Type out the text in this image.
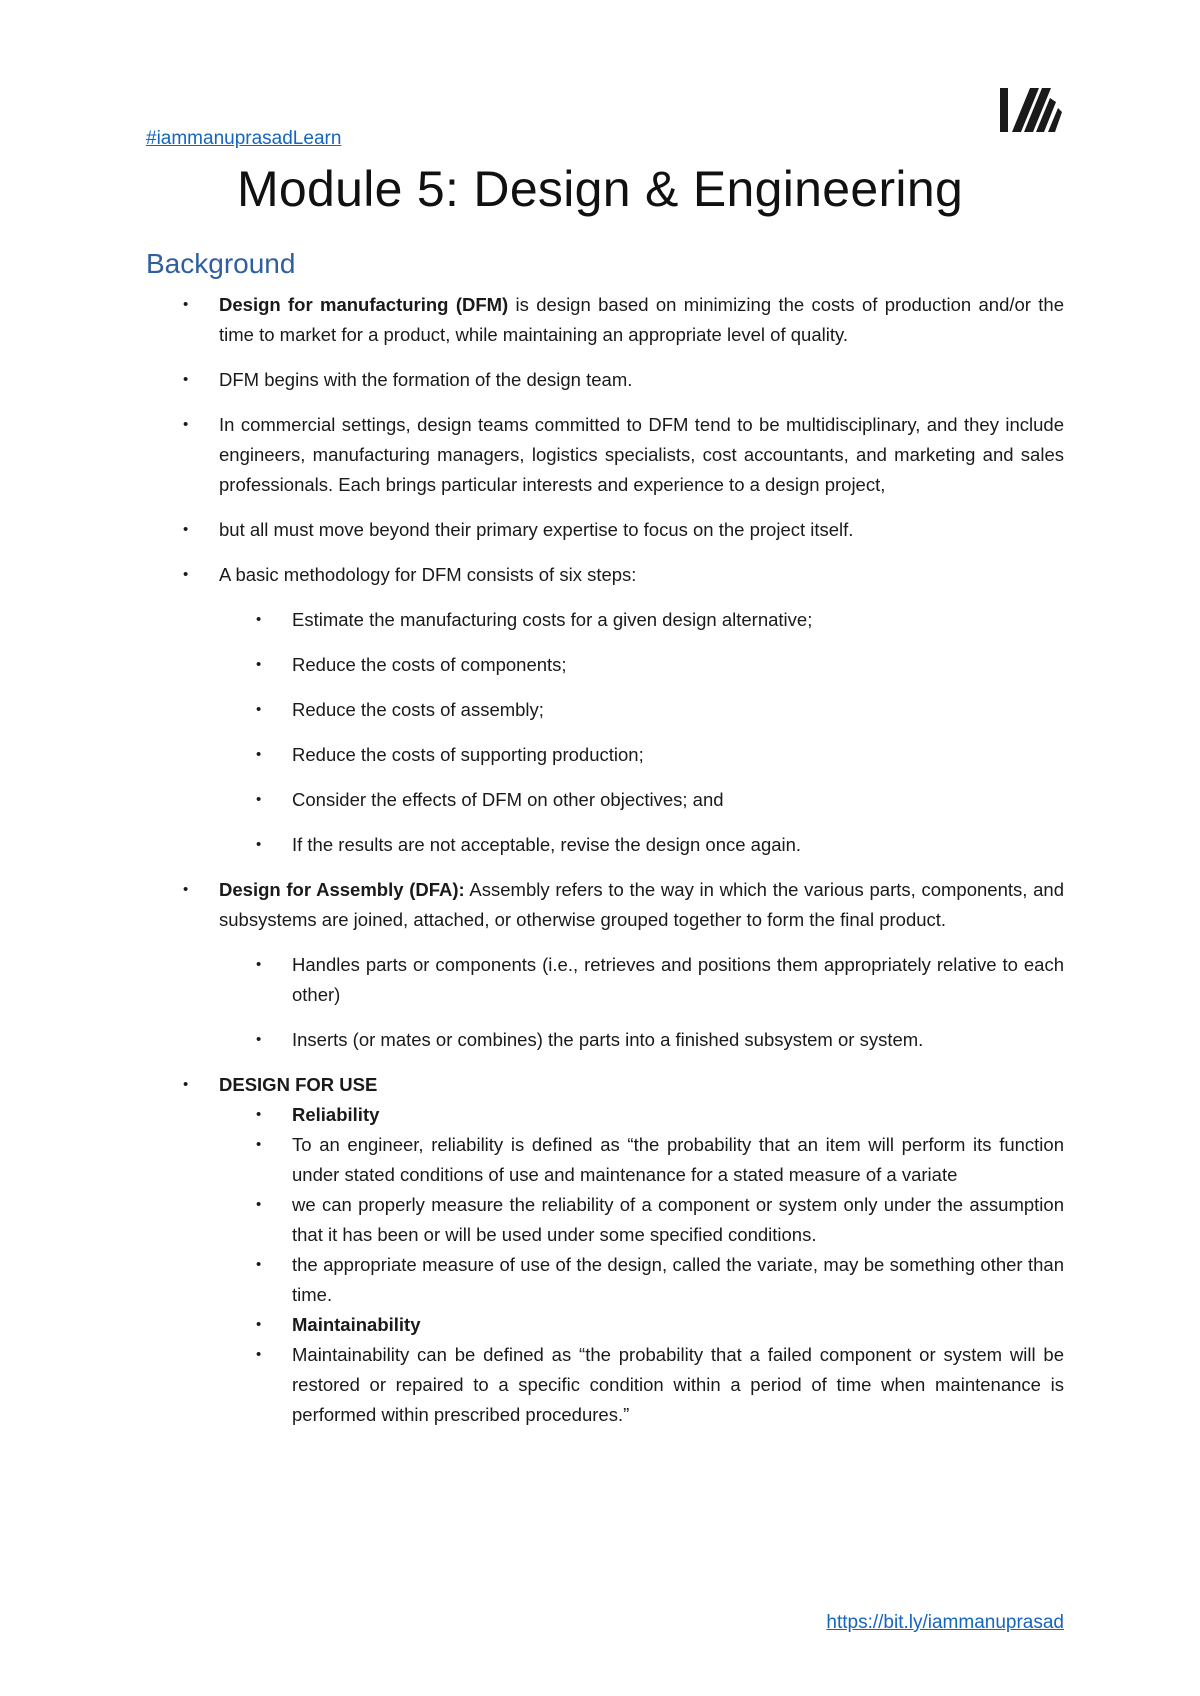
#iammanuprasadLearn
Module 5: Design & Engineering
Background
• Design for manufacturing (DFM) is design based on minimizing the costs of production and/or the time to market for a product, while maintaining an appropriate level of quality.
• DFM begins with the formation of the design team.
• In commercial settings, design teams committed to DFM tend to be multidisciplinary, and they include engineers, manufacturing managers, logistics specialists, cost accountants, and marketing and sales professionals. Each brings particular interests and experience to a design project,
• but all must move beyond their primary expertise to focus on the project itself.
• A basic methodology for DFM consists of six steps:
• Estimate the manufacturing costs for a given design alternative;
• Reduce the costs of components;
• Reduce the costs of assembly;
• Reduce the costs of supporting production;
• Consider the effects of DFM on other objectives; and
• If the results are not acceptable, revise the design once again.
• Design for Assembly (DFA): Assembly refers to the way in which the various parts, components, and subsystems are joined, attached, or otherwise grouped together to form the final product.
• Handles parts or components (i.e., retrieves and positions them appropriately relative to each other)
• Inserts (or mates or combines) the parts into a finished subsystem or system.
• DESIGN FOR USE
• Reliability
• To an engineer, reliability is defined as “the probability that an item will perform its function under stated conditions of use and maintenance for a stated measure of a variate
• we can properly measure the reliability of a component or system only under the assumption that it has been or will be used under some specified conditions.
• the appropriate measure of use of the design, called the variate, may be something other than time.
• Maintainability
• Maintainability can be defined as “the probability that a failed component or system will be restored or repaired to a specific condition within a period of time when maintenance is performed within prescribed procedures.”
https://bit.ly/iammanuprasad
